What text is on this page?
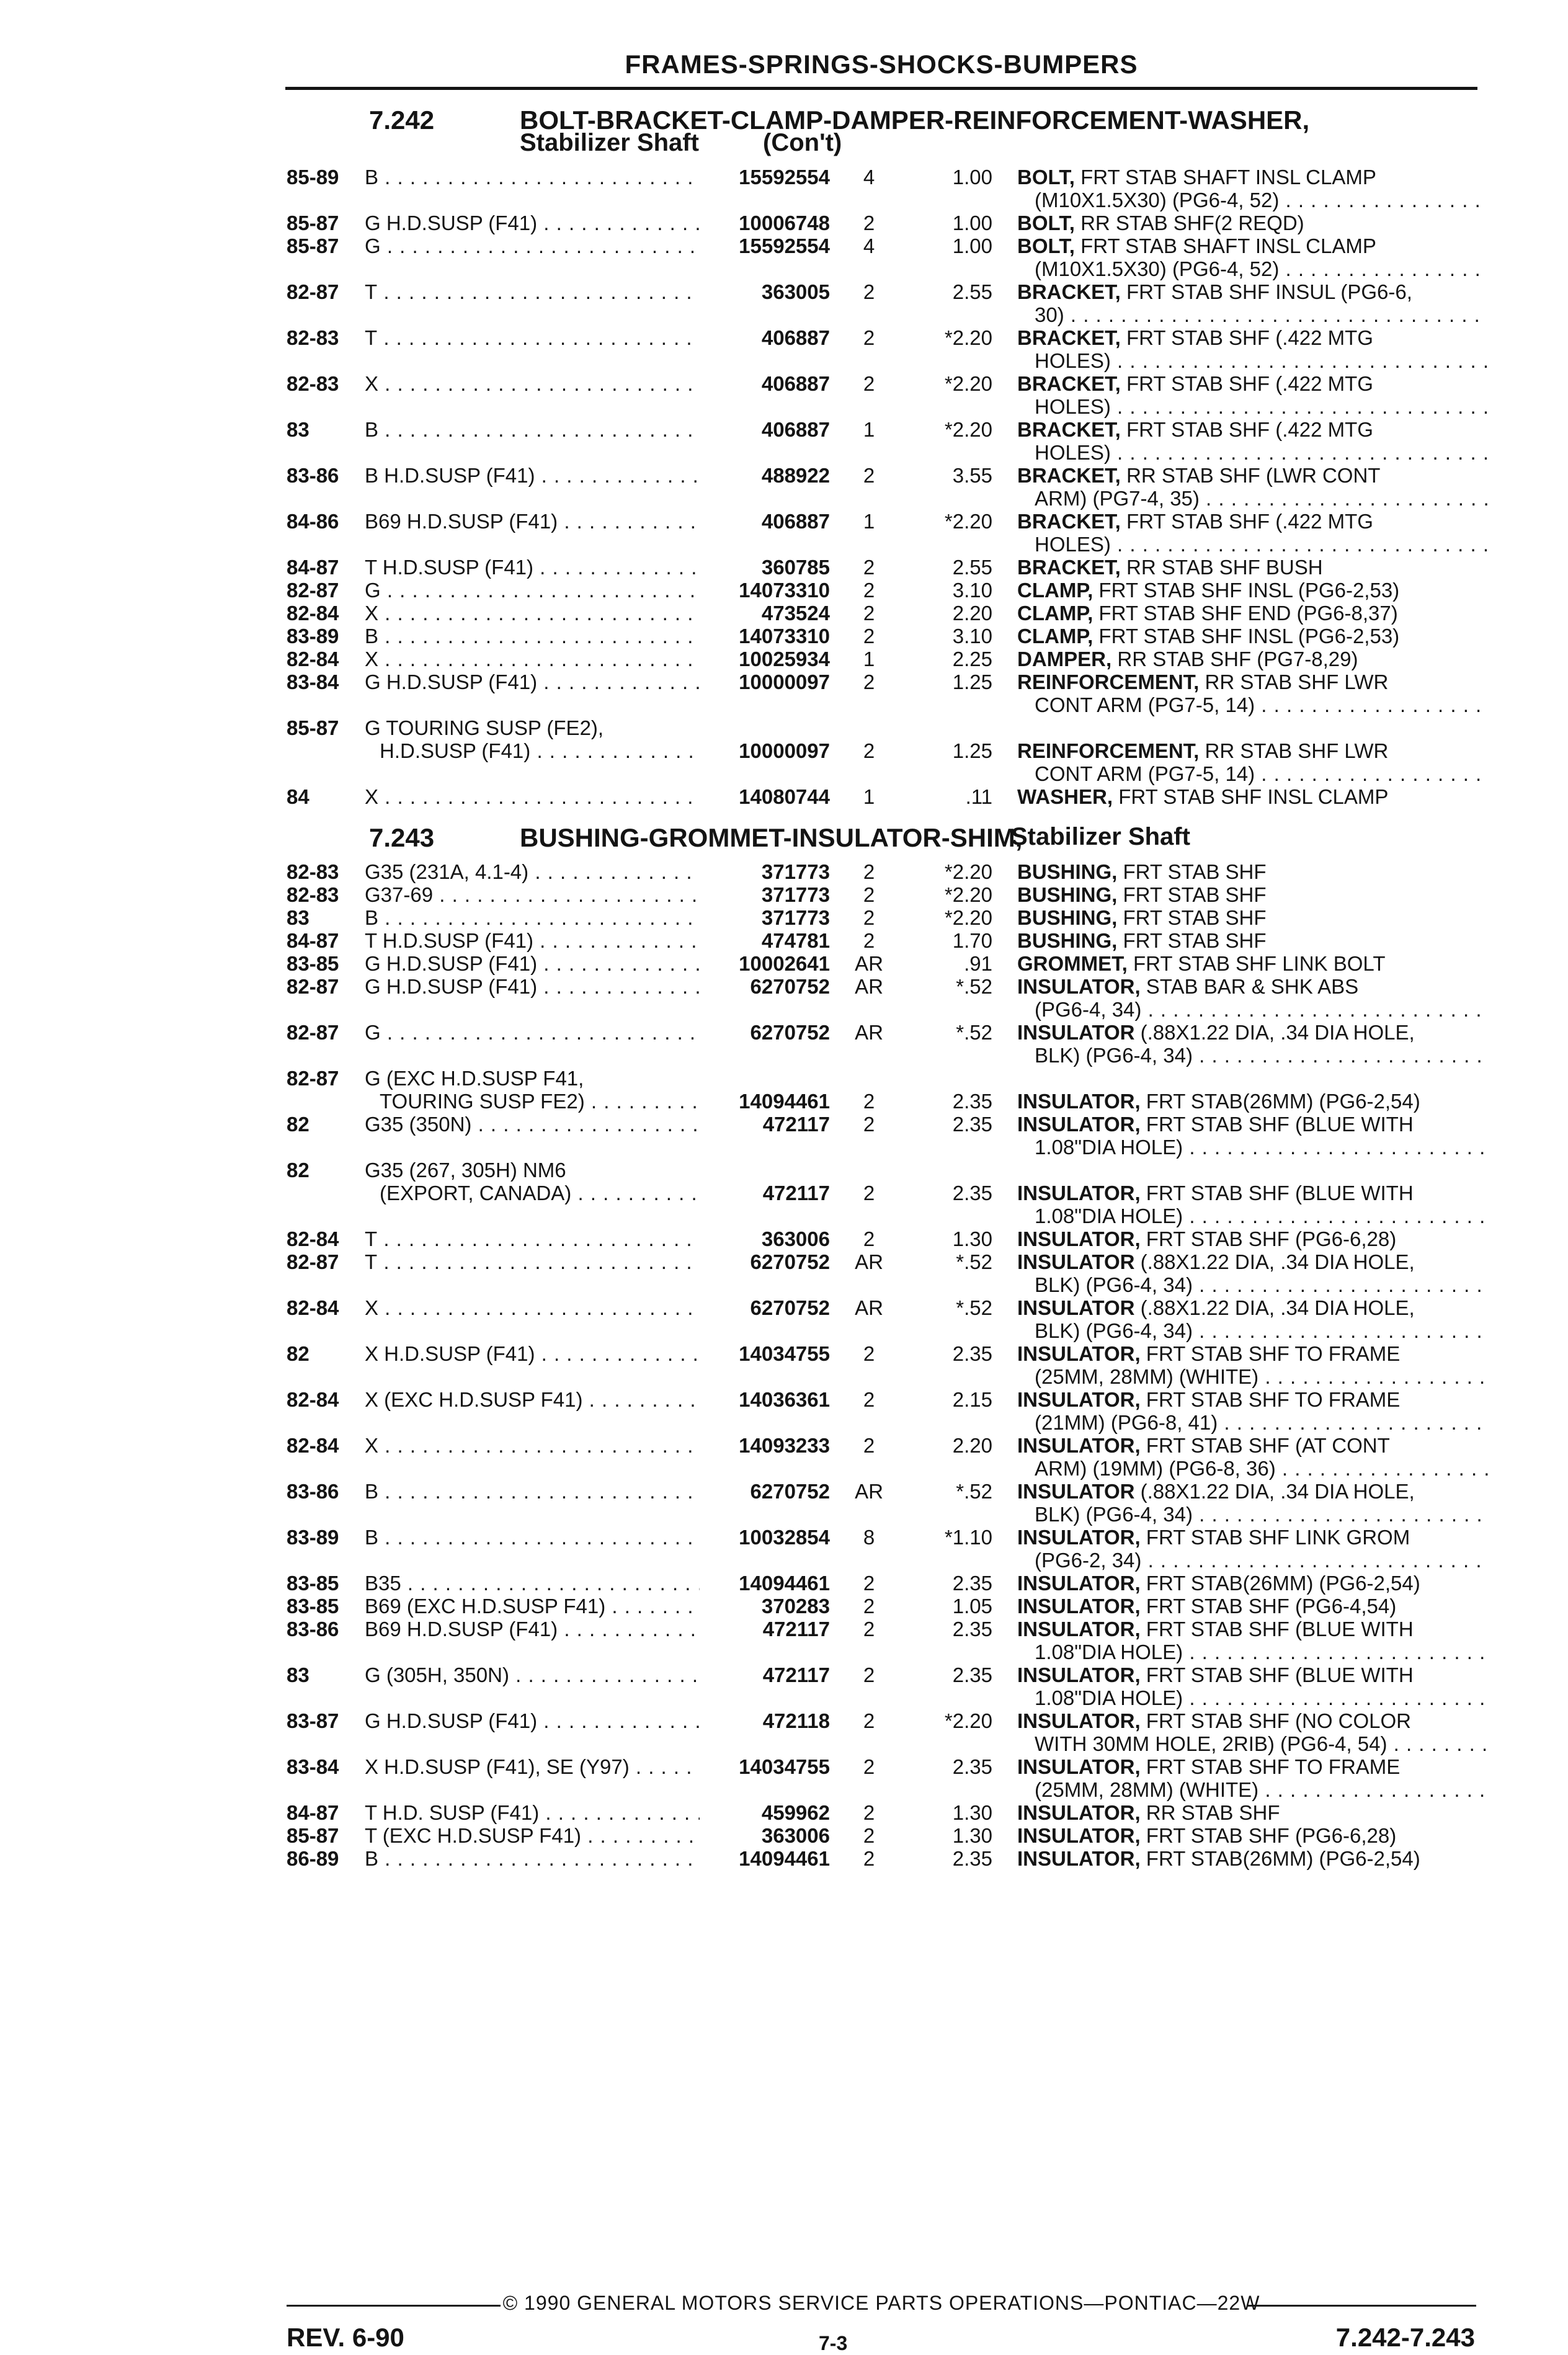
FRAMES-SPRINGS-SHOCKS-BUMPERS
7.242	BOLT-BRACKET-CLAMP-DAMPER-REINFORCEMENT-WASHER,
Stabilizer Shaft	(Con't)
7.243	BUSHING-GROMMET-INSULATOR-SHIM,
Stabilizer Shaft
85-89	B . . .	15592554	4	1.00 BOLT, FRT STAB SHAFT INSL CLAMP
(M10X1.5X30) (PG6-4, 52) . . .
85-87	G H.D.SUSP (F41) . . .	10006748	2	1.00 BOLT, RR STAB SHF(2 REQD)
85-87	G . . .	15592554	4	1.00 BOLT, FRT STAB SHAFT INSL CLAMP
(M10X1.5X30) (PG6-4, 52) . . .
82-87	T . . .	363005	2	2.55 BRACKET, FRT STAB SHF INSUL (PG6-6,
30) . . .
82-83	T . . .	406887	2	*2.20 BRACKET, FRT STAB SHF (.422 MTG
HOLES) . . .
82-83	X . . .	406887	2	*2.20 BRACKET, FRT STAB SHF (.422 MTG
HOLES) . . .
83	B . . .	406887	1	*2.20 BRACKET, FRT STAB SHF (.422 MTG
HOLES) . . .
83-86	B H.D.SUSP (F41) . . .	488922	2	3.55 BRACKET, RR STAB SHF (LWR CONT
ARM) (PG7-4, 35) . . .
84-86	B69 H.D.SUSP (F41) . . .	406887	1	*2.20 BRACKET, FRT STAB SHF (.422 MTG
HOLES) . . .
84-87	T H.D.SUSP (F41) . . .	360785	2	2.55 BRACKET, RR STAB SHF BUSH
82-87	G . . .	14073310	2	3.10 CLAMP, FRT STAB SHF INSL (PG6-2,53)
82-84	X . . .	473524	2	2.20 CLAMP, FRT STAB SHF END (PG6-8,37)
83-89	B . . .	14073310	2	3.10 CLAMP, FRT STAB SHF INSL (PG6-2,53)
82-84	X . . .	10025934	1	2.25 DAMPER, RR STAB SHF (PG7-8,29)
83-84	G H.D.SUSP (F41) . . .	10000097	2	1.25 REINFORCEMENT, RR STAB SHF LWR
CONT ARM (PG7-5, 14) . . .
85-87	G TOURING SUSP (FE2),
H.D.SUSP (F41) . . .	10000097	2	1.25 REINFORCEMENT, RR STAB SHF LWR
CONT ARM (PG7-5, 14) . . .
84	X . . .	14080744	1	.11 WASHER, FRT STAB SHF INSL CLAMP
82-83	G35 (231A, 4.1-4) . . .	371773	2	*2.20 BUSHING, FRT STAB SHF
82-83	G37-69 . . .	371773	2	*2.20 BUSHING, FRT STAB SHF
83	B . . .	371773	2	*2.20 BUSHING, FRT STAB SHF
84-87	T H.D.SUSP (F41) . . .	474781	2	1.70 BUSHING, FRT STAB SHF
83-85	G H.D.SUSP (F41) . . .	10002641	AR	.91 GROMMET, FRT STAB SHF LINK BOLT
82-87	G H.D.SUSP (F41) . . .	6270752	AR	*.52 INSULATOR, STAB BAR & SHK ABS
(PG6-4, 34) . . .
82-87	G . . .	6270752	AR	*.52 INSULATOR (.88X1.22 DIA, .34 DIA HOLE,
BLK) (PG6-4, 34) . . .
82-87	G (EXC H.D.SUSP F41,
TOURING SUSP FE2) . . .	14094461	2	2.35 INSULATOR, FRT STAB(26MM) (PG6-2,54)
82	G35 (350N) . . .	472117	2	2.35 INSULATOR, FRT STAB SHF (BLUE WITH
1.08"DIA HOLE) . . .
82	G35 (267, 305H) NM6
(EXPORT, CANADA) . . .	472117	2	2.35 INSULATOR, FRT STAB SHF (BLUE WITH
1.08"DIA HOLE) . . .
82-84	T . . .	363006	2	1.30 INSULATOR, FRT STAB SHF (PG6-6,28)
82-87	T . . .	6270752	AR	*.52 INSULATOR (.88X1.22 DIA, .34 DIA HOLE,
BLK) (PG6-4, 34) . . .
82-84	X . . .	6270752	AR	*.52 INSULATOR (.88X1.22 DIA, .34 DIA HOLE,
BLK) (PG6-4, 34) . . .
82	X H.D.SUSP (F41) . . .	14034755	2	2.35 INSULATOR, FRT STAB SHF TO FRAME
(25MM, 28MM) (WHITE) . . .
82-84	X (EXC H.D.SUSP F41) . . .	14036361	2	2.15 INSULATOR, FRT STAB SHF TO FRAME
(21MM) (PG6-8, 41) . . .
82-84	X . . .	14093233	2	2.20 INSULATOR, FRT STAB SHF (AT CONT
ARM) (19MM) (PG6-8, 36) . . .
83-86	B . . .	6270752	AR	*.52 INSULATOR (.88X1.22 DIA, .34 DIA HOLE,
BLK) (PG6-4, 34) . . .
83-89	B . . .	10032854	8	*1.10 INSULATOR, FRT STAB SHF LINK GROM
(PG6-2, 34) . . .
83-85	B35 . . .	14094461	2	2.35 INSULATOR, FRT STAB(26MM) (PG6-2,54)
83-85	B69 (EXC H.D.SUSP F41) . . .	370283	2	1.05 INSULATOR, FRT STAB SHF (PG6-4,54)
83-86	B69 H.D.SUSP (F41) . . .	472117	2	2.35 INSULATOR, FRT STAB SHF (BLUE WITH
1.08"DIA HOLE) . . .
83	G (305H, 350N) . . .	472117	2	2.35 INSULATOR, FRT STAB SHF (BLUE WITH
1.08"DIA HOLE) . . .
83-87	G H.D.SUSP (F41) . . .	472118	2	*2.20 INSULATOR, FRT STAB SHF (NO COLOR
WITH 30MM HOLE, 2RIB) (PG6-4, 54) . . .
83-84	X H.D.SUSP (F41), SE (Y97) . . .	14034755	2	2.35 INSULATOR, FRT STAB SHF TO FRAME
(25MM, 28MM) (WHITE) . . .
84-87	T H.D. SUSP (F41) . . .	459962	2	1.30 INSULATOR, RR STAB SHF
85-87	T (EXC H.D.SUSP F41) . . .	363006	2	1.30 INSULATOR, FRT STAB SHF (PG6-6,28)
86-89	B . . .	14094461	2	2.35 INSULATOR, FRT STAB(26MM) (PG6-2,54)
© 1990 GENERAL MOTORS SERVICE PARTS OPERATIONS—PONTIAC—22W
REV. 6-90	7-3	7.242-7.243
